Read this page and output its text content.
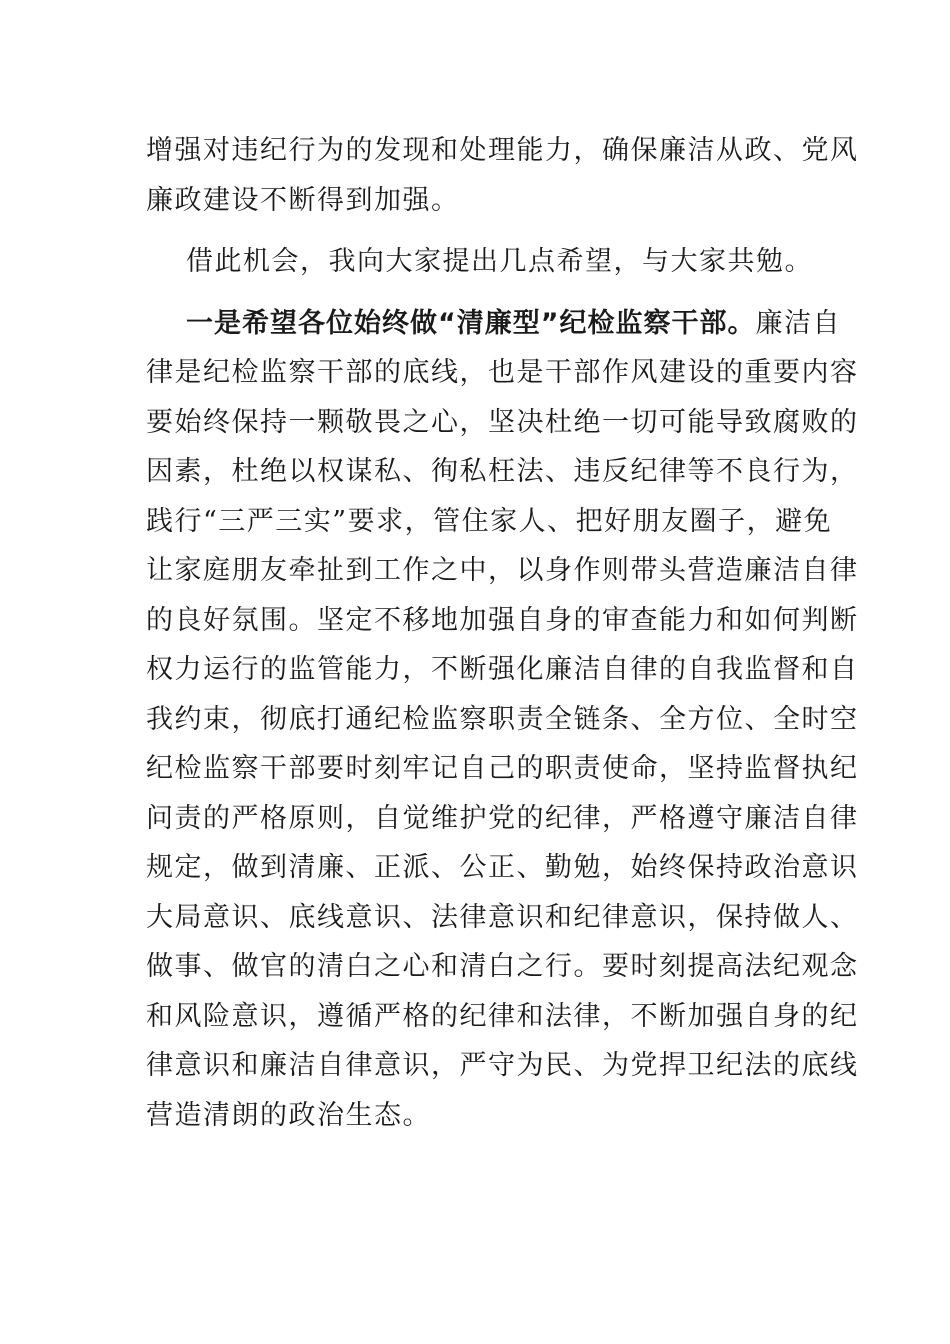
增强对违纪行为的发现和处理能力，确保廉洁从政、党风
廉政建设不断得到加强。
借此机会，我向大家提出几点希望，与大家共勉。
一是希望各位始终做“清廉型”纪检监察干部。廉洁自
律是纪检监察干部的底线，也是干部作风建设的重要内容
要始终保持一颗敬畏之心，坚决杜绝一切可能导致腐败的
因素，杜绝以权谋私、徇私枉法、违反纪律等不良行为，
践行“三严三实”要求，管住家人、把好朋友圈子，避免
让家庭朋友牵扯到工作之中，以身作则带头营造廉洁自律
的良好氛围。坚定不移地加强自身的审查能力和如何判断
权力运行的监管能力，不断强化廉洁自律的自我监督和自
我约束，彻底打通纪检监察职责全链条、全方位、全时空
纪检监察干部要时刻牢记自己的职责使命，坚持监督执纪
问责的严格原则，自觉维护党的纪律，严格遵守廉洁自律
规定，做到清廉、正派、公正、勤勉，始终保持政治意识
大局意识、底线意识、法律意识和纪律意识，保持做人、
做事、做官的清白之心和清白之行。要时刻提高法纪观念
和风险意识，遵循严格的纪律和法律，不断加强自身的纪
律意识和廉洁自律意识，严守为民、为党捍卫纪法的底线
营造清朗的政治生态。
